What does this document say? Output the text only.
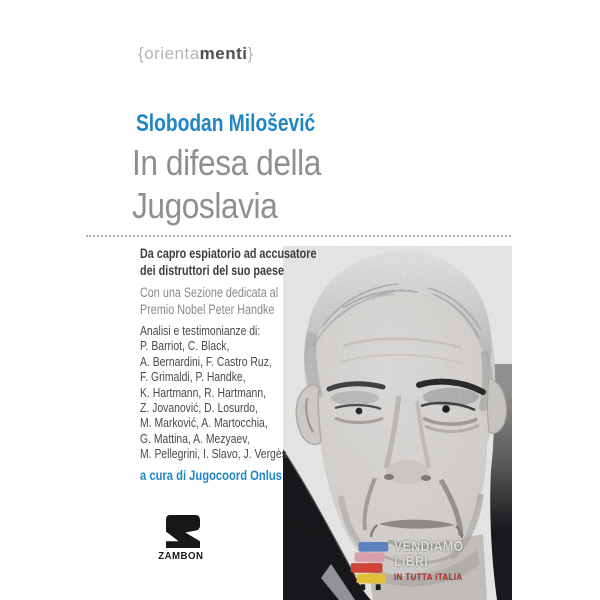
{orientamenti}
Slobodan Milošević
In difesa della
Jugoslavia
Da capro espiatorio ad accusatore
dei distruttori del suo paese
Con una Sezione dedicata al
Premio Nobel Peter Handke
Analisi e testimonianze di:
P. Barriot, C. Black,
A. Bernardini, F. Castro Ruz,
F. Grimaldi, P. Handke,
K. Hartmann, R. Hartmann,
Z. Jovanović, D. Losurdo,
M. Marković, A. Martocchia,
G. Mattina, A. Mezyaev,
M. Pellegrini, I. Slavo, J. Vergès
a cura di Jugocoord Onlus
ZAMBON
VENDIAMO
LIBRI
IN TUTTA ITALIA
